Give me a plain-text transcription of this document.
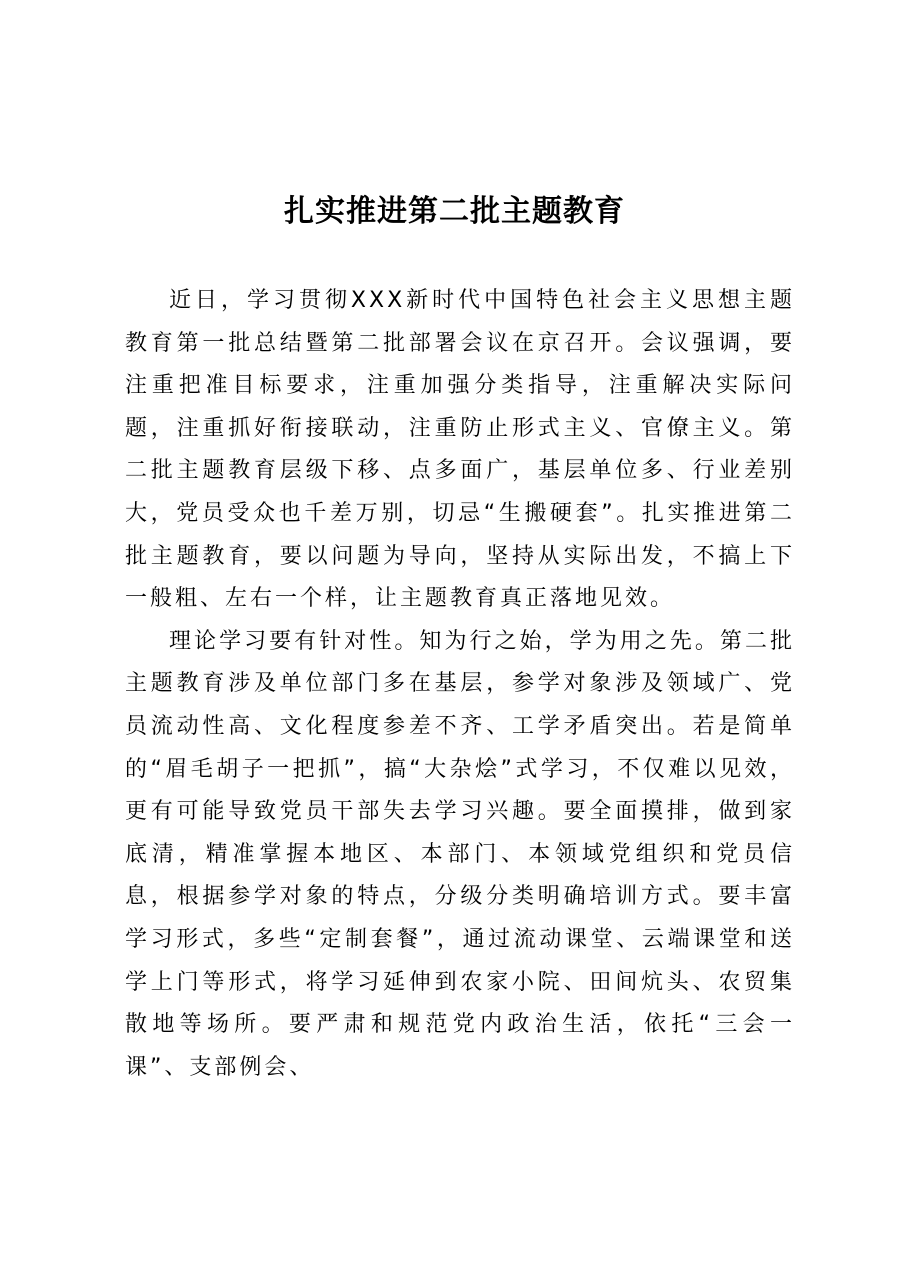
扎实推进第二批主题教育

近日，学习贯彻XXX新时代中国特色社会主义思想主题教育第一批总结暨第二批部署会议在京召开。会议强调，要注重把准目标要求，注重加强分类指导，注重解决实际问题，注重抓好衔接联动，注重防止形式主义、官僚主义。第二批主题教育层级下移、点多面广，基层单位多、行业差别大，党员受众也千差万别，切忌“生搬硬套”。扎实推进第二批主题教育，要以问题为导向，坚持从实际出发，不搞上下一般粗、左右一个样，让主题教育真正落地见效。

理论学习要有针对性。知为行之始，学为用之先。第二批主题教育涉及单位部门多在基层，参学对象涉及领域广、党员流动性高、文化程度参差不齐、工学矛盾突出。若是简单的“眉毛胡子一把抓”，搞“大杂烩”式学习，不仅难以见效，更有可能导致党员干部失去学习兴趣。要全面摸排，做到家底清，精准掌握本地区、本部门、本领域党组织和党员信息，根据参学对象的特点，分级分类明确培训方式。要丰富学习形式，多些“定制套餐”，通过流动课堂、云端课堂和送学上门等形式，将学习延伸到农家小院、田间炕头、农贸集散地等场所。要严肃和规范党内政治生活，依托“三会一课”、支部例会、
